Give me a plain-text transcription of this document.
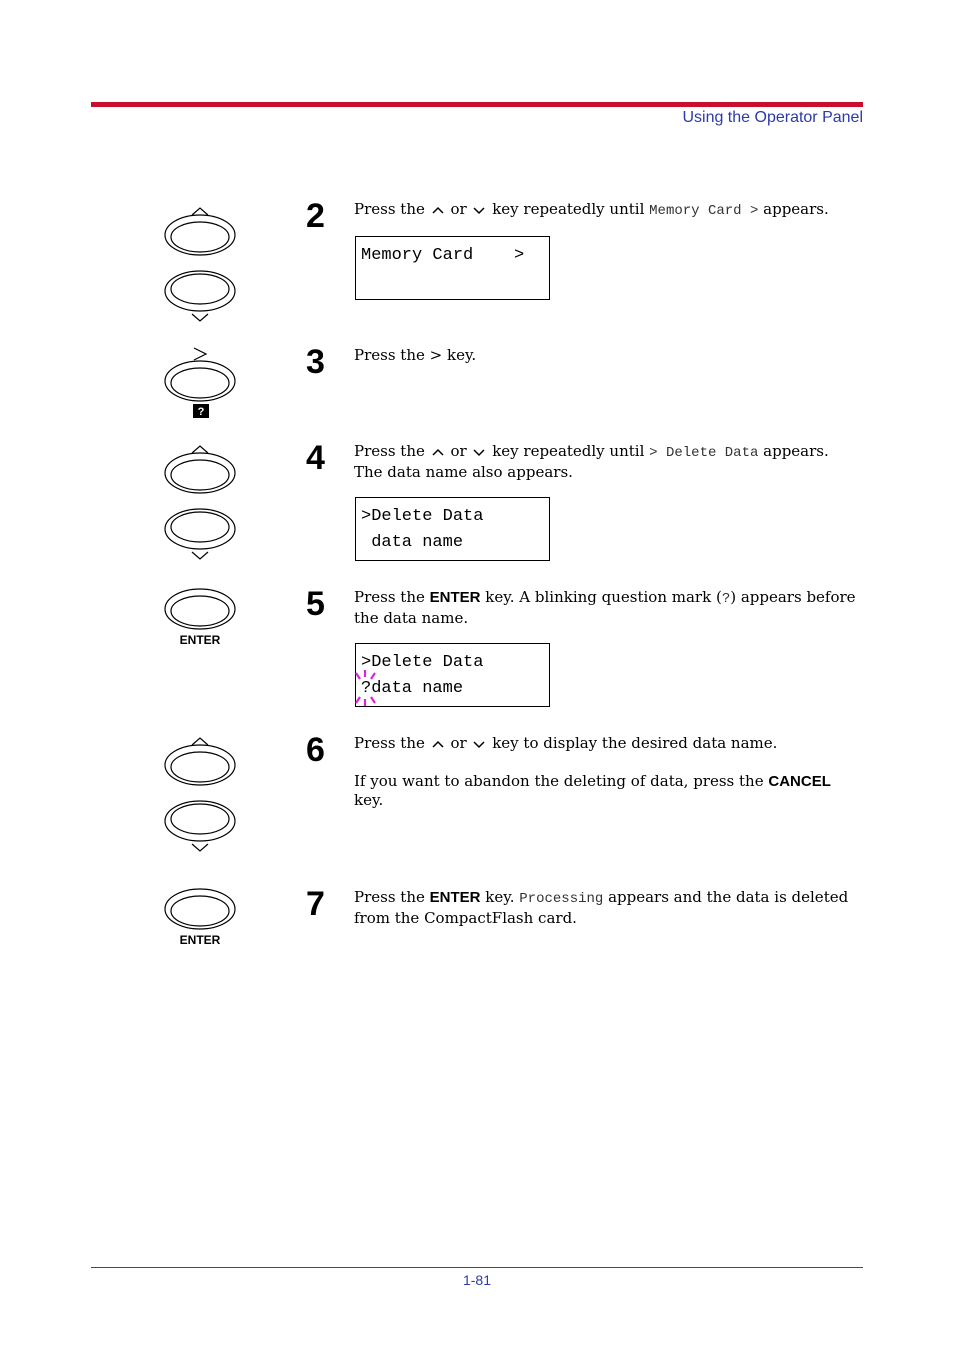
Using the Operator Panel
2 Press the or key repeatedly until Memory Card > appears.

Memory Card    >
?
3 Press the > key.

4 Press the or key repeatedly until > Delete Data appears.

The data name also appears.

>Delete Data
data name
ENTER
5 Press the ENTER key. A blinking question mark (?) appears before

the data name.

>Delete Data
?data name
6 Press the or key to display the desired data name.

If you want to abandon the deleting of data, press the CANCEL key.

ENTER
7 Press the ENTER key. Processing appears and the data is deleted

from the CompactFlash card.

1-81
